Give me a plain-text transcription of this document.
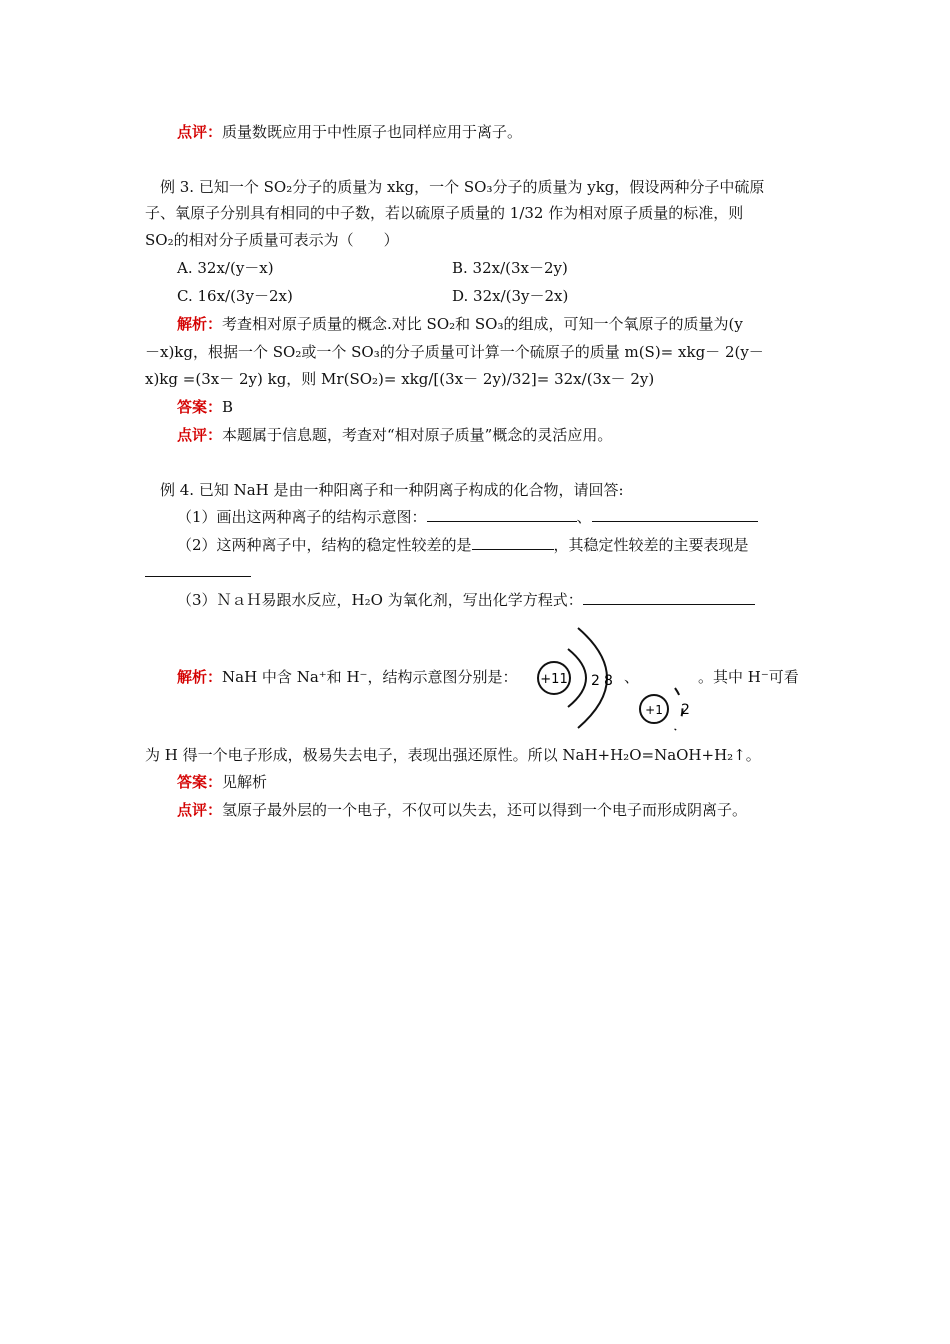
点评：质量数既应用于中性原子也同样应用于离子。
例 3. 已知一个 SO₂分子的质量为 xkg，一个 SO₃分子的质量为 ykg，假设两种分子中硫原
子、氧原子分别具有相同的中子数，若以硫原子质量的 1/32 作为相对原子质量的标准，则
SO₂的相对分子质量可表示为（　　）
A. 32x/(y－x)	B. 32x/(3x－2y)
C. 16x/(3y－2x)	D. 32x/(3y－2x)
解析：考查相对原子质量的概念.对比 SO₂和 SO₃的组成，可知一个氧原子的质量为(y
－x)kg，根据一个 SO₂或一个 SO₃的分子质量可计算一个硫原子的质量 m(S)= xkg－ 2(y－
x)kg =(3x－ 2y) kg，则 Mr(SO₂)= xkg/[(3x－ 2y)/32]= 32x/(3x－ 2y)
答案：B
点评：本题属于信息题，考查对“相对原子质量”概念的灵活应用。
例 4. 已知 NaH 是由一种阳离子和一种阴离子构成的化合物，请回答:
（1）画出这两种离子的结构示意图：	、
（2）这两种离子中，结构的稳定性较差的是	，其稳定性较差的主要表现是
（3）ＮａＨ易跟水反应，H₂O 为氧化剂，写出化学方程式：
解析：NaH 中含 Na⁺和 H⁻，结构示意图分别是： +11 2 8 、
+1 2
。其中 H⁻可看
为 H 得一个电子形成，极易失去电子，表现出强还原性。所以 NaH+H₂O=NaOH+H₂↑。
答案：见解析
点评：氢原子最外层的一个电子，不仅可以失去，还可以得到一个电子而形成阴离子。
